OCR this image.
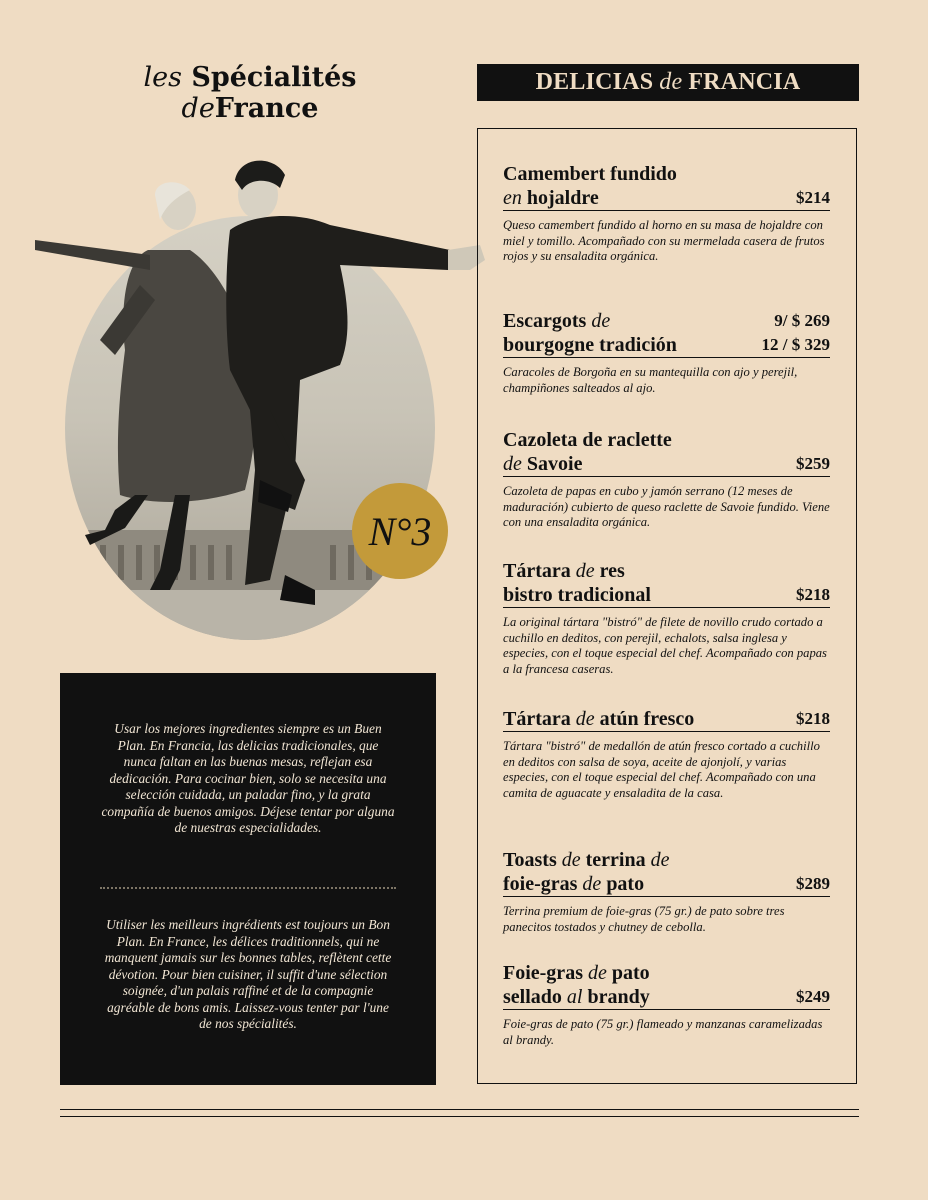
les Spécialités
deFrance
DELICIAS de FRANCIA
N°3
Usar los mejores ingredientes siempre es un Buen Plan. En Francia, las delicias tradicionales, que nunca faltan en las buenas mesas, reflejan esa dedicación. Para cocinar bien, solo se necesita una selección cuidada, un paladar fino, y la grata compañía de buenos amigos. Déjese tentar por alguna de nuestras especialidades.
Utiliser les meilleurs ingrédients est toujours un Bon Plan. En France, les délices traditionnels, qui ne manquent jamais sur les bonnes tables, reflètent cette dévotion. Pour bien cuisiner, il suffit d'une sélection soignée, d'un palais raffiné et de la compagnie agréable de bons amis. Laissez-vous tenter par l'une de nos spécialités.
Camembert fundido
en hojaldre	$214
Queso camembert fundido al horno en su masa de hojaldre con miel y tomillo. Acompañado con su mermelada casera de frutos rojos y su ensaladita orgánica.
Escargots de
bourgogne tradición
9/ $ 269
12 / $ 329
Caracoles de Borgoña en su mantequilla con ajo y perejil, champiñones salteados al ajo.
Cazoleta de raclette
de Savoie	$259
Cazoleta de papas en cubo y jamón serrano (12 meses de maduración) cubierto de queso raclette de Savoie fundido. Viene con una ensaladita orgánica.
Tártara de res
bistro tradicional	$218
La original tártara "bistró" de filete de novillo crudo cortado a cuchillo en deditos, con perejil, echalots, salsa inglesa y especies, con el toque especial del chef. Acompañado con papas a la francesa caseras.
Tártara de atún fresco	$218
Tártara "bistró" de medallón de atún fresco cortado a cuchillo en deditos con salsa de soya, aceite de ajonjolí, y varias especies, con el toque especial del chef. Acompañado con una camita de aguacate y ensaladita de la casa.
Toasts de terrina de
foie-gras de pato	$289
Terrina premium de foie-gras (75 gr.) de pato sobre tres panecitos tostados y chutney de cebolla.
Foie-gras de pato
sellado al brandy	$249
Foie-gras de pato (75 gr.) flameado y manzanas caramelizadas al brandy.
